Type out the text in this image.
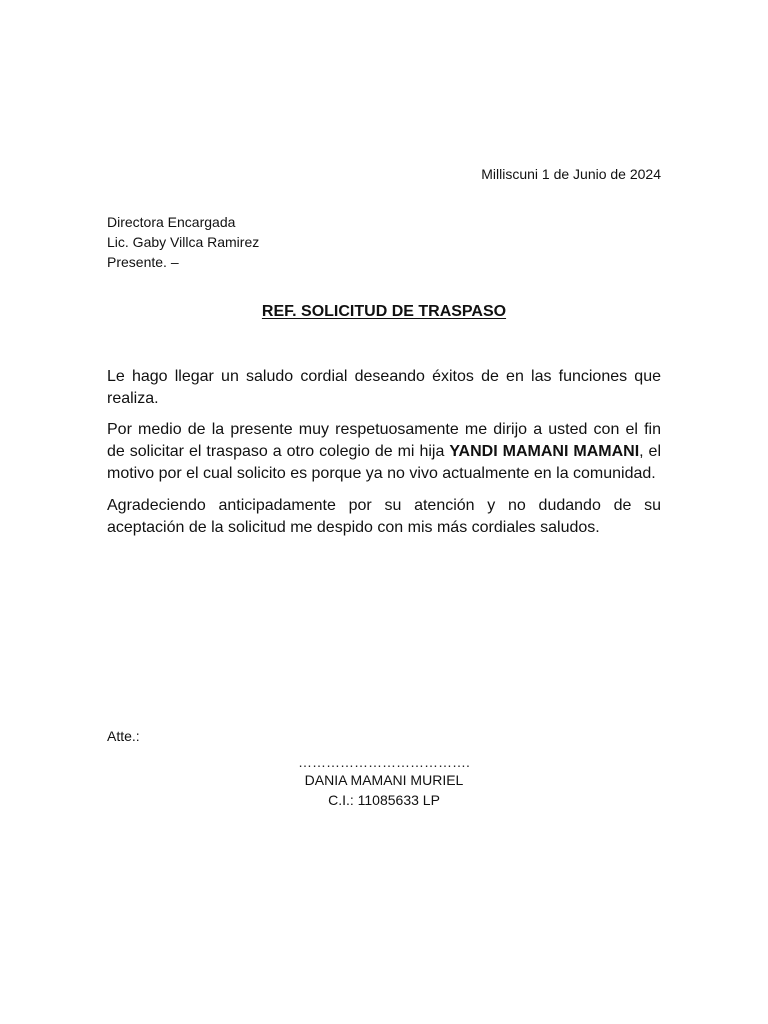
Milliscuni 1 de Junio de 2024
Directora Encargada
Lic. Gaby Villca Ramirez
Presente. –
REF. SOLICITUD DE TRASPASO

Le hago llegar un saludo cordial deseando éxitos de en las funciones que realiza.

Por medio de la presente muy respetuosamente me dirijo a usted con el fin de solicitar el traspaso a otro colegio de mi hija YANDI MAMANI MAMANI, el motivo por el cual solicito es porque ya no vivo actualmente en la comunidad.

Agradeciendo anticipadamente por su atención y no dudando de su aceptación de la solicitud me despido con mis más cordiales saludos.

Atte.:
……………………………….
DANIA MAMANI MURIEL
C.I.: 11085633 LP
